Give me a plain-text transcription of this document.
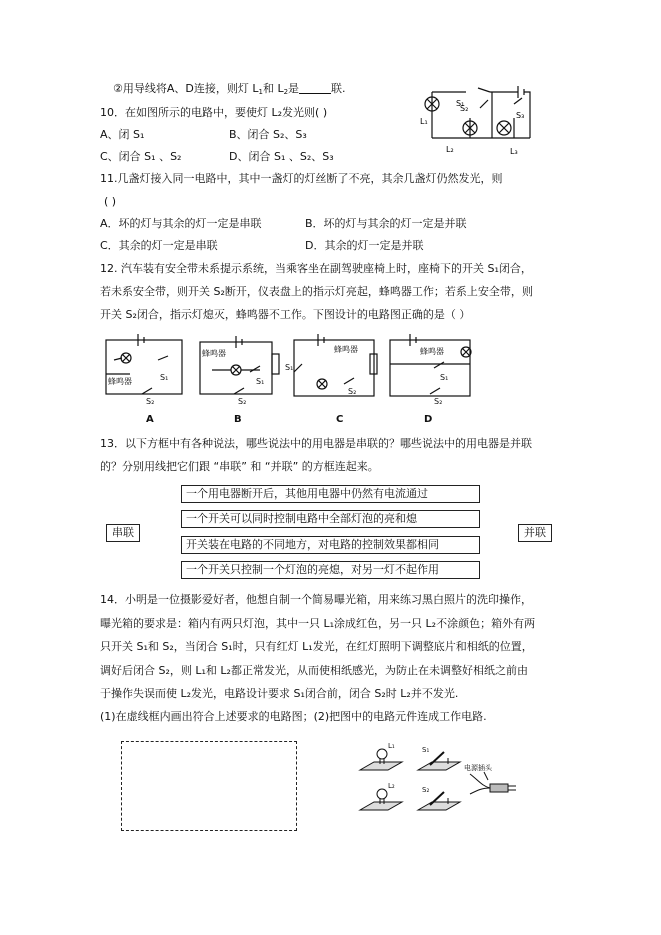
②用导线将A、D连接，则灯 $L_1$和 $L_2$是	联.
10．在如图所示的电路中，要使灯 L₂发光则( )
A、闭 S₁	B、闭合 S₂、S₃
C、闭合 S₁ 、S₂	D、闭合 S₁ 、S₂、S₃
S₁
L₁
S₂
L₂
S₃
L₃
11.几盏灯接入同一电路中，其中一盏灯的灯丝断了不亮，其余几盏灯仍然发光，则
( )
A．坏的灯与其余的灯一定是串联	B．坏的灯与其余的灯一定是并联
C．其余的灯一定是串联	D．其余的灯一定是并联
12. 汽车装有安全带未系提示系统，当乘客坐在副驾驶座椅上时，座椅下的开关 S₁闭合，
若未系安全带，则开关 S₂断开，仪表盘上的指示灯亮起，蜂鸣器工作；若系上安全带，则
开关 S₂闭合，指示灯熄灭，蜂鸣器不工作。下图设计的电路图正确的是（ ）
蜂鸣器	S₁
S₂
蜂鸣器
S₁
S₂
蜂鸣器
S₁
S₂
蜂鸣器
S₁
S₂
A	B	C	D
13．以下方框中有各种说法，哪些说法中的用电器是串联的？哪些说法中的用电器是并联
的？分别用线把它们跟 “串联” 和 “并联” 的方框连起来。
串联	并联
一个用电器断开后，其他用电器中仍然有电流通过
一个开关可以同时控制电路中全部灯泡的亮和熄
开关装在电路的不同地方，对电路的控制效果都相同
一个开关只控制一个灯泡的亮熄，对另一灯不起作用
14．小明是一位摄影爱好者，他想自制一个简易曝光箱，用来练习黑白照片的洗印操作，
曝光箱的要求是：箱内有两只灯泡，其中一只 L₁涂成红色，另一只 L₂不涂颜色；箱外有两
只开关 S₁和 S₂，当闭合 S₁时，只有红灯 L₁发光，在红灯照明下调整底片和相纸的位置，
调好后闭合 S₂，则 L₁和 L₂都正常发光，从而使相纸感光，为防止在未调整好相纸之前由
于操作失误而使 L₂发光，电路设计要求 S₁闭合前，闭合 S₂时 L₂并不发光.
(1)在虚线框内画出符合上述要求的电路图；(2)把图中的电路元件连成工作电路.
L₁
L₂
S₁
S₂
电源插头
